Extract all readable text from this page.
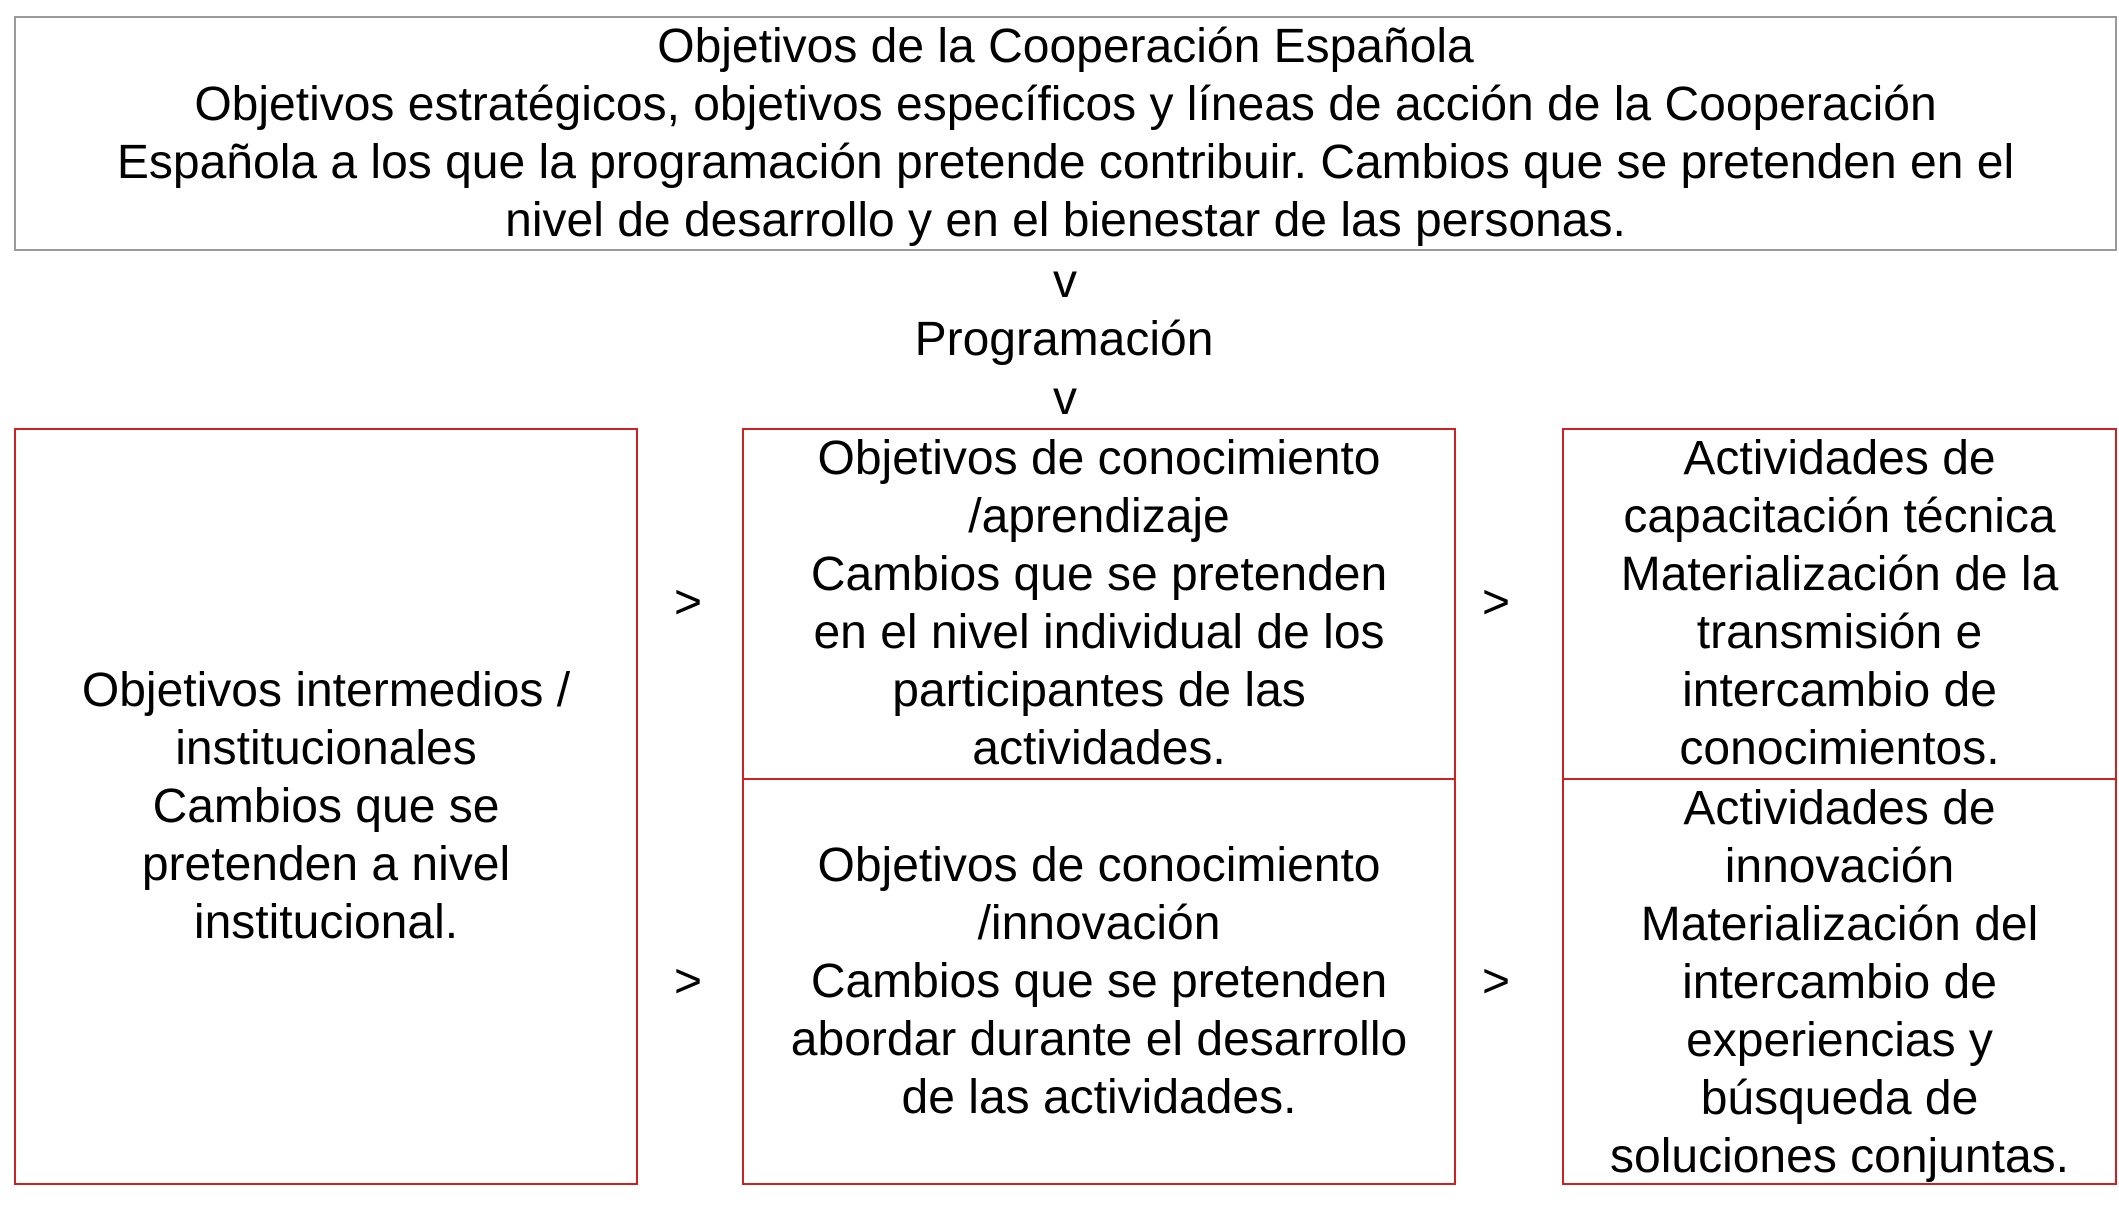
Objetivos de la Cooperación Española
Objetivos estratégicos, objetivos específicos y líneas de acción de la Cooperación
Española a los que la programación pretende contribuir. Cambios que se pretenden en el
nivel de desarrollo y en el bienestar de las personas.
v
Programación
v
Objetivos intermedios /
institucionales
Cambios que se
pretenden a nivel
institucional.
>
>
Objetivos de conocimiento
/aprendizaje
Cambios que se pretenden
en el nivel individual de los
participantes de las
actividades.
Objetivos de conocimiento
/innovación
Cambios que se pretenden
abordar durante el desarrollo
de las actividades.
>
>
Actividades de
capacitación técnica
Materialización de la
transmisión e
intercambio de
conocimientos.
Actividades de
innovación
Materialización del
intercambio de
experiencias y
búsqueda de
soluciones conjuntas.
